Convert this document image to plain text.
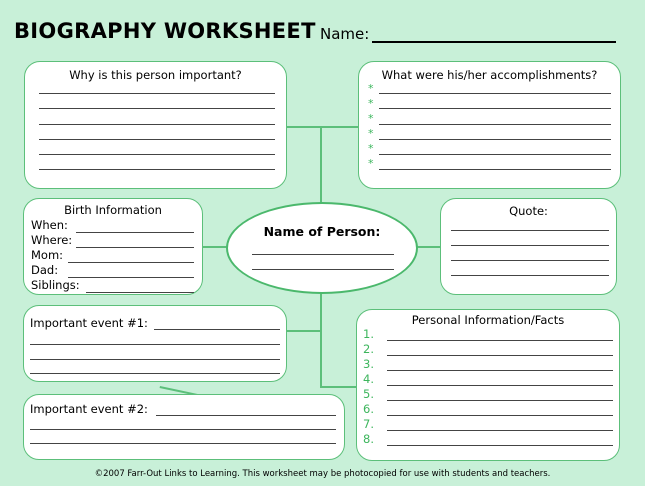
BIOGRAPHY WORKSHEET Name:
Why is this person important?	What were his/her accomplishments?
*
*
*
*
*
*
Birth Information
When:
Where:
Mom:
Dad:
Siblings:
Quote:
Name of Person:
Important event #1:
Important event #2:
Personal Information/Facts
1.
2.
3.
4.
5.
6.
7.
8.
©2007 Farr-Out Links to Learning. This worksheet may be photocopied for use with students and teachers.
